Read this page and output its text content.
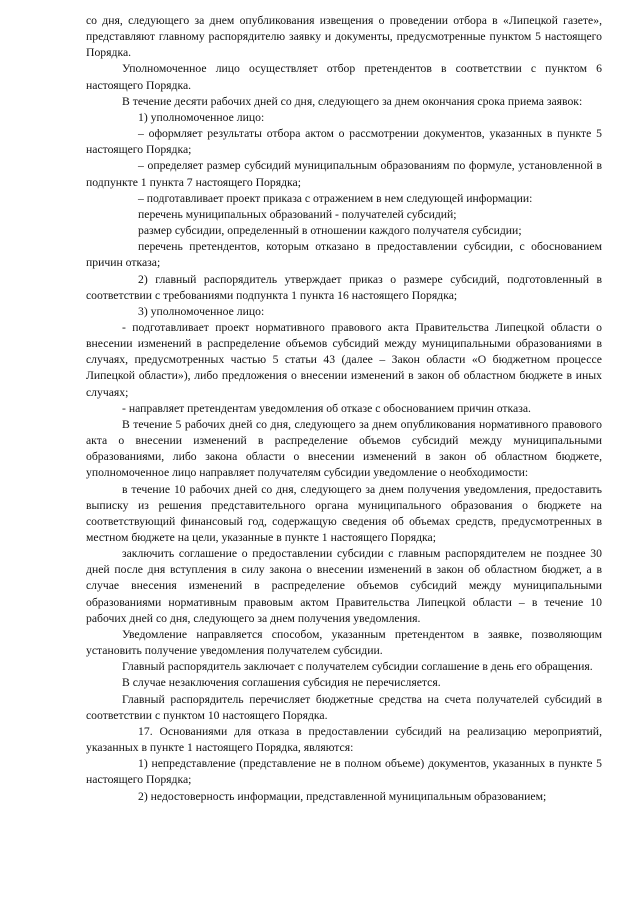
со дня, следующего за днем опубликования извещения о проведении отбора в «Липецкой газете», представляют главному распорядителю заявку и документы, предусмотренные пунктом 5 настоящего Порядка.

Уполномоченное лицо осуществляет отбор претендентов в соответствии с пунктом 6 настоящего Порядка.

В течение десяти рабочих дней со дня, следующего за днем окончания срока приема заявок:

1) уполномоченное лицо:

– оформляет результаты отбора актом о рассмотрении документов, указанных в пункте 5 настоящего Порядка;

– определяет размер субсидий муниципальным образованиям по формуле, установленной в подпункте 1 пункта 7 настоящего Порядка;

– подготавливает проект приказа с отражением в нем следующей информации:

перечень муниципальных образований - получателей субсидий;

размер субсидии, определенный в отношении каждого получателя субсидии;

перечень претендентов, которым отказано в предоставлении субсидии, с обоснованием причин отказа;

2) главный распорядитель утверждает приказ о размере субсидий, подготовленный в соответствии с требованиями подпункта 1 пункта 16 настоящего Порядка;

3) уполномоченное лицо:

- подготавливает проект нормативного правового акта Правительства Липецкой области о внесении изменений в распределение объемов субсидий между муниципальными образованиями в случаях, предусмотренных частью 5 статьи 43 (далее – Закон области «О бюджетном процессе Липецкой области»), либо предложения о внесении изменений в закон об областном бюджете в иных случаях;

- направляет претендентам уведомления об отказе с обоснованием причин отказа.

В течение 5 рабочих дней со дня, следующего за днем опубликования нормативного правового акта о внесении изменений в распределение объемов субсидий между муниципальными образованиями, либо закона области о внесении изменений в закон об областном бюджете, уполномоченное лицо направляет получателям субсидии уведомление о необходимости:

в течение 10 рабочих дней со дня, следующего за днем получения уведомления, предоставить выписку из решения представительного органа муниципального образования о бюджете на соответствующий финансовый год, содержащую сведения об объемах средств, предусмотренных в местном бюджете на цели, указанные в пункте 1 настоящего Порядка;

заключить соглашение о предоставлении субсидии с главным распорядителем не позднее 30 дней после дня вступления в силу закона о внесении изменений в закон об областном бюджет, а в случае внесения изменений в распределение объемов субсидий между муниципальными образованиями нормативным правовым актом Правительства Липецкой области – в течение 10 рабочих дней со дня, следующего за днем получения уведомления.

Уведомление направляется способом, указанным претендентом в заявке, позволяющим установить получение уведомления получателем субсидии.

Главный распорядитель заключает с получателем субсидии соглашение в день его обращения.

В случае незаключения соглашения субсидия не перечисляется.

Главный распорядитель перечисляет бюджетные средства на счета получателей субсидий в соответствии с пунктом 10 настоящего Порядка.

17. Основаниями для отказа в предоставлении субсидий на реализацию мероприятий, указанных в пункте 1 настоящего Порядка, являются:

1) непредставление (представление не в полном объеме) документов, указанных в пункте 5 настоящего Порядка;

2) недостоверность информации, представленной муниципальным образованием;
